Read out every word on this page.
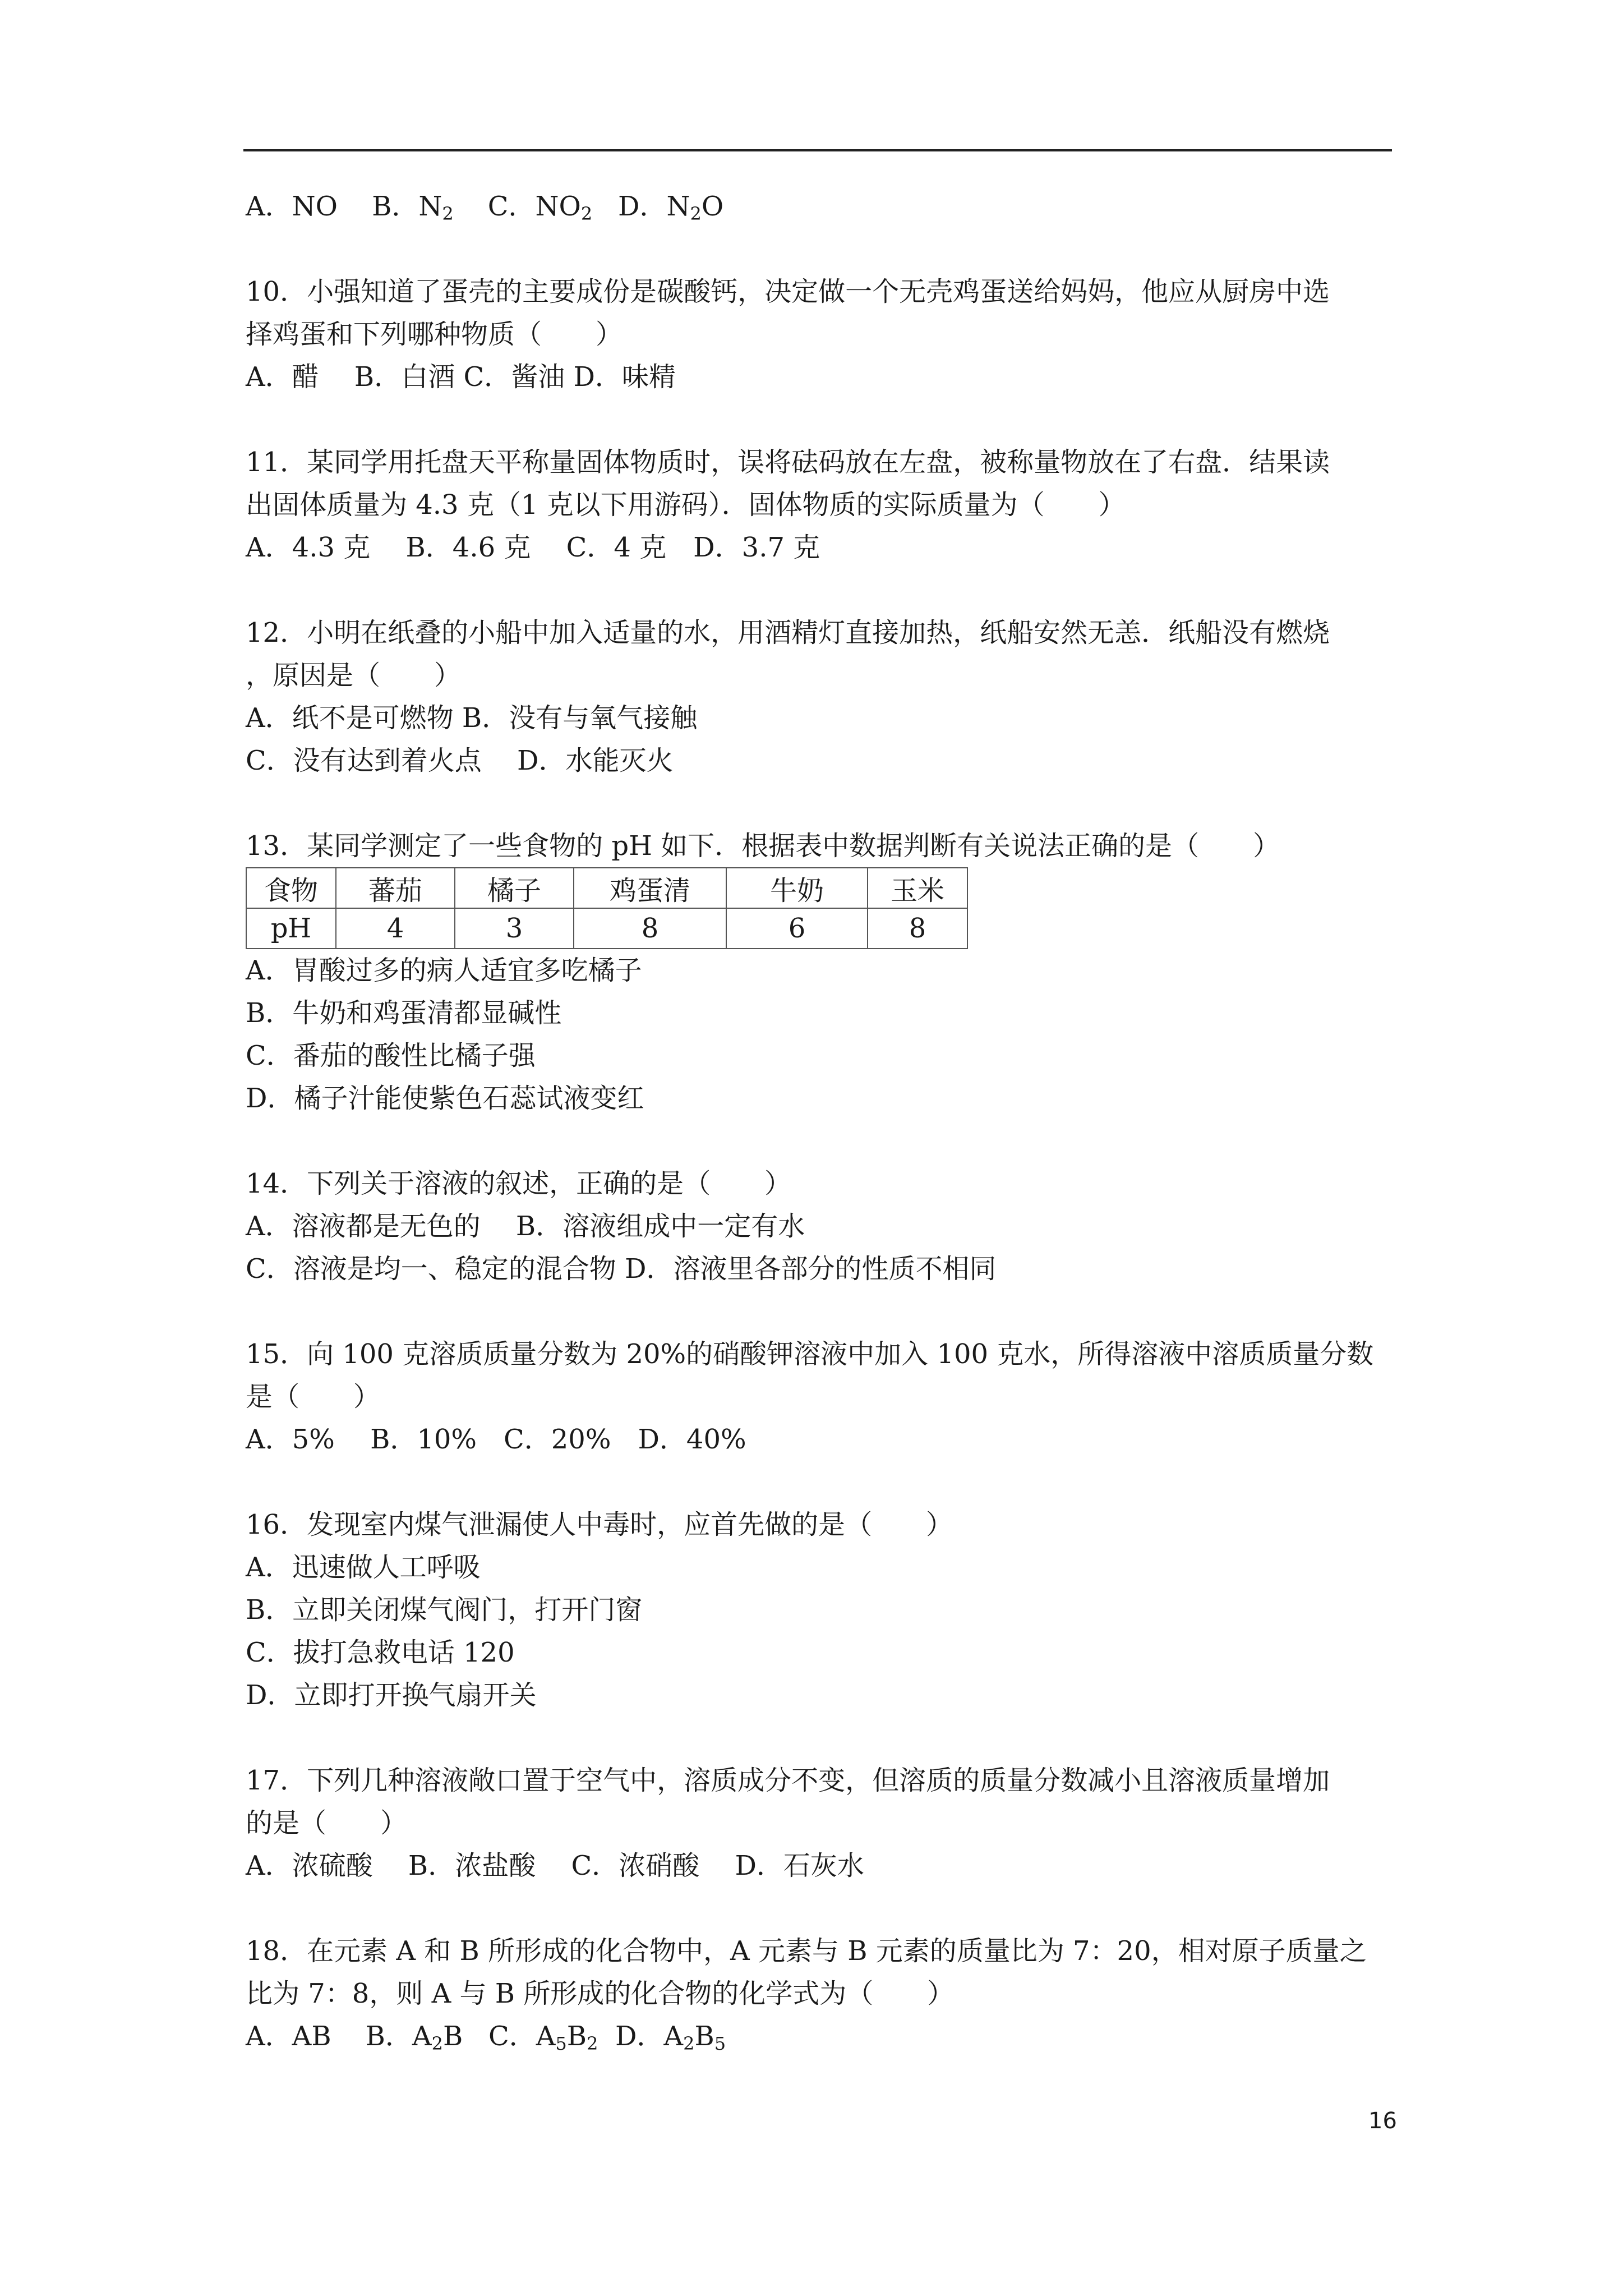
A．NO B．$N_2$ C．$NO_2$ D．$N_2O$
10．小强知道了蛋壳的主要成份是碳酸钙，决定做一个无壳鸡蛋送给妈妈，他应从厨房中选
择鸡蛋和下列哪种物质（　　）
A．醋　 B．白酒 C．酱油 D．味精
11．某同学用托盘天平称量固体物质时，误将砝码放在左盘，被称量物放在了右盘．结果读
出固体质量为 4.3 克（1 克以下用游码）．固体物质的实际质量为（　　）
A．4.3 克　 B．4.6 克　 C．4 克　D．3.7 克
12．小明在纸叠的小船中加入适量的水，用酒精灯直接加热，纸船安然无恙．纸船没有燃烧
，原因是（　　）
A．纸不是可燃物 B．没有与氧气接触
C．没有达到着火点　 D．水能灭火
13．某同学测定了一些食物的 pH 如下．根据表中数据判断有关说法正确的是（　　）
食物	蕃茄	橘子	鸡蛋清	牛奶	玉米
pH	4	3	8	6	8
A．胃酸过多的病人适宜多吃橘子
B．牛奶和鸡蛋清都显碱性
C．番茄的酸性比橘子强
D．橘子汁能使紫色石蕊试液变红
14．下列关于溶液的叙述，正确的是（　　）
A．溶液都是无色的　 B．溶液组成中一定有水
C．溶液是均一、稳定的混合物 D．溶液里各部分的性质不相同
15．向 100 克溶质质量分数为 20%的硝酸钾溶液中加入 100 克水，所得溶液中溶质质量分数
是（　　）
A．5%　 B．10%　C．20%　D．40%
16．发现室内煤气泄漏使人中毒时，应首先做的是（　　）
A．迅速做人工呼吸
B．立即关闭煤气阀门，打开门窗
C．拔打急救电话 120
D．立即打开换气扇开关
17．下列几种溶液敞口置于空气中，溶质成分不变，但溶质的质量分数减小且溶液质量增加
的是（　　）
A．浓硫酸　 B．浓盐酸　 C．浓硝酸　 D．石灰水
18．在元素 A 和 B 所形成的化合物中，A 元素与 B 元素的质量比为 7：20，相对原子质量之
比为 7：8，则 A 与 B 所形成的化合物的化学式为（　　）
A．AB B．$A_2B$ C．$A_5B_2$ D．$A_2B_5$
16
